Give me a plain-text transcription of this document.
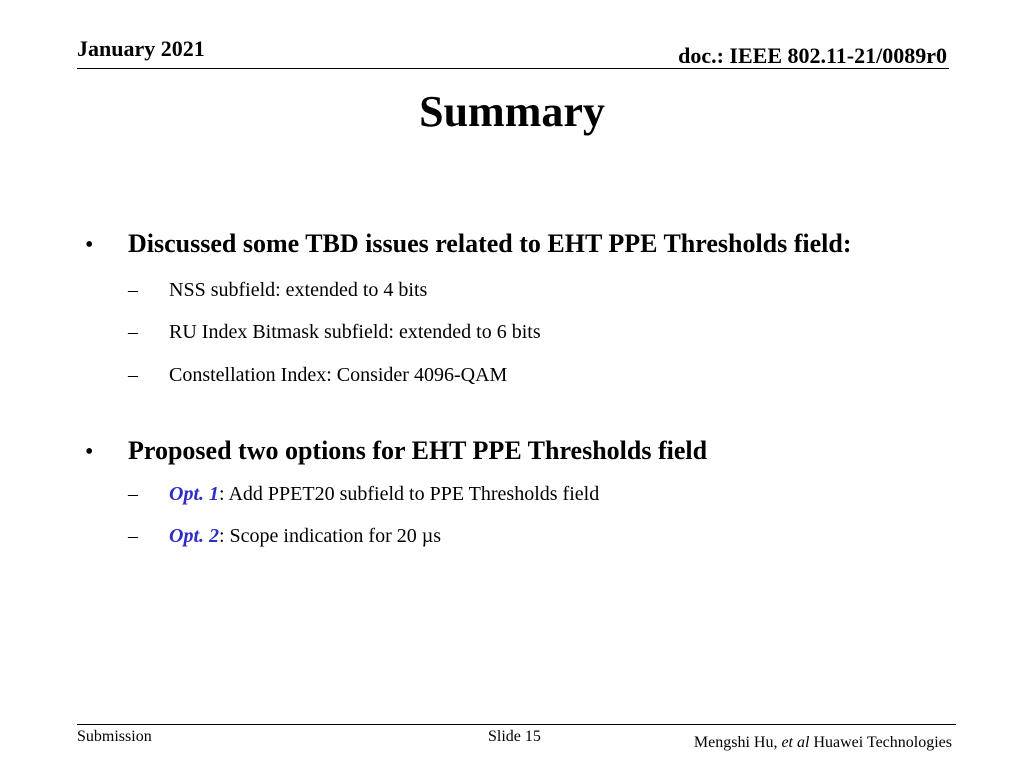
January 2021	doc.: IEEE 802.11-21/0089r0
Summary
•	Discussed some TBD issues related to EHT PPE Thresholds field:
–	NSS subfield: extended to 4 bits
–	RU Index Bitmask subfield: extended to 6 bits
–	Constellation Index: Consider 4096-QAM
•	Proposed two options for EHT PPE Thresholds field
–	Opt. 1: Add PPET20 subfield to PPE Thresholds field
–	Opt. 2: Scope indication for 20 µs
Submission	Slide 15	Mengshi Hu, et al Huawei Technologies
